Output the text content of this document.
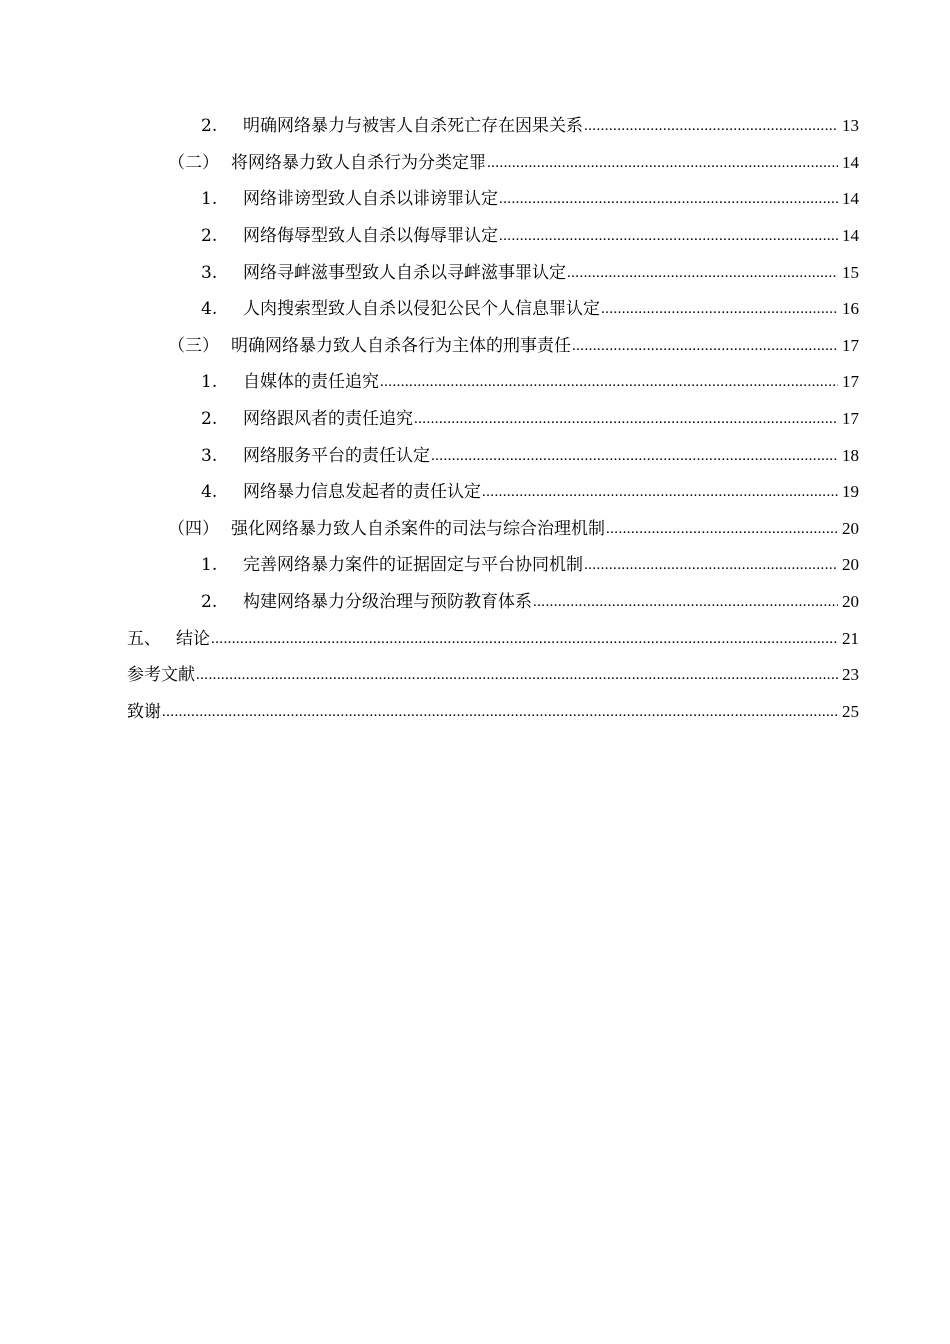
2.	明确网络暴力与被害人自杀死亡存在因果关系 .....	13
（二） 将网络暴力致人自杀行为分类定罪 .....	14
1.	网络诽谤型致人自杀以诽谤罪认定 .....	14
2.	网络侮辱型致人自杀以侮辱罪认定 .....	14
3.	网络寻衅滋事型致人自杀以寻衅滋事罪认定 .....	15
4.	人肉搜索型致人自杀以侵犯公民个人信息罪认定 .....	16
（三） 明确网络暴力致人自杀各行为主体的刑事责任 .....	17
1.	自媒体的责任追究 .....	17
2.	网络跟风者的责任追究 .....	17
3.	网络服务平台的责任认定 .....	18
4.	网络暴力信息发起者的责任认定 .....	19
（四） 强化网络暴力致人自杀案件的司法与综合治理机制 .....	20
1.	完善网络暴力案件的证据固定与平台协同机制 .....	20
2.	构建网络暴力分级治理与预防教育体系 .....	20
五、 结论 .....	21
参考文献 .....	23
致谢 .....	25
